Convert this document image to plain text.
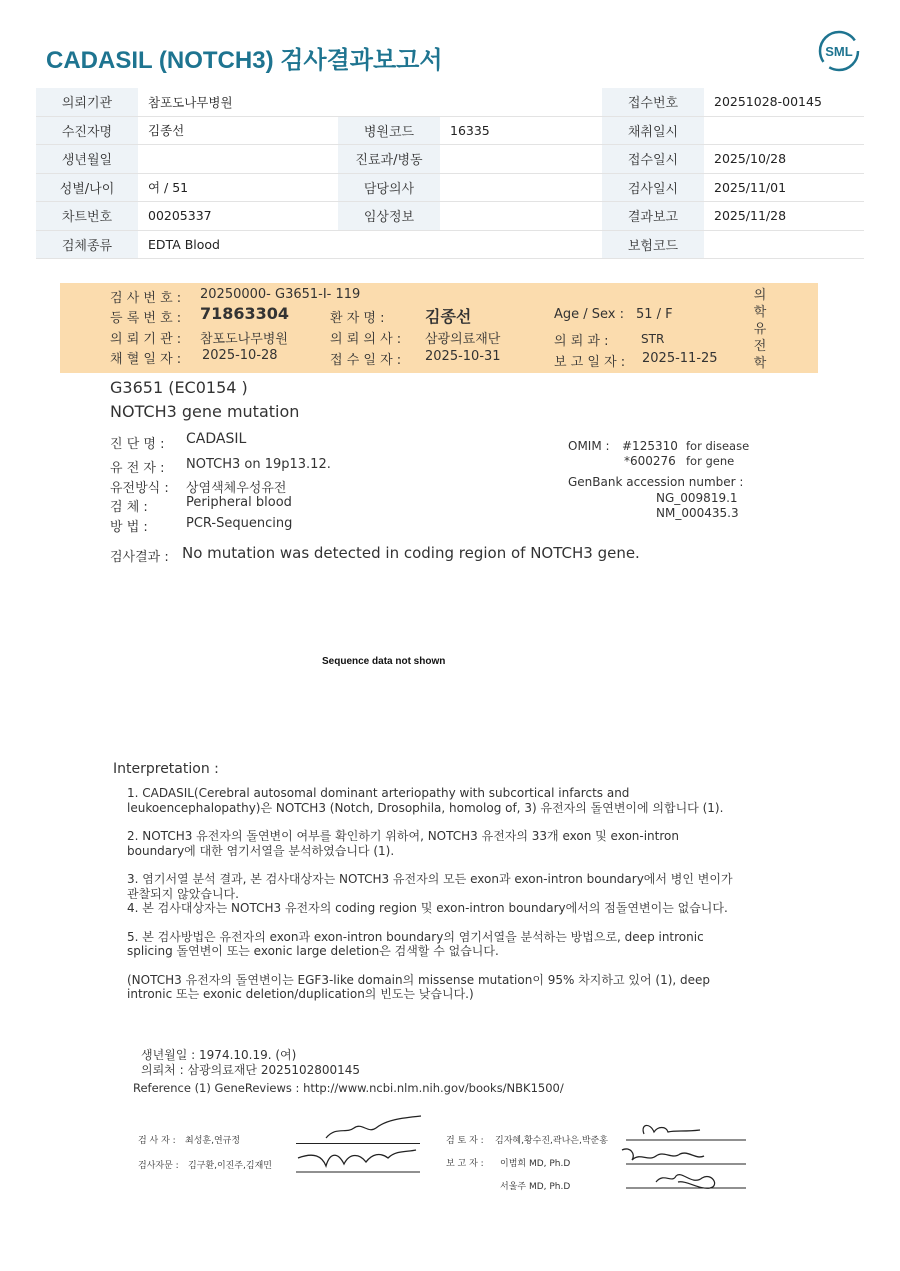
CADASIL (NOTCH3) 검사결과보고서	SML
의뢰기관	참포도나무병원			접수번호	20251028-00145
수진자명	김종선	병원코드	16335	채취일시	
생년월일		진료과/병동		접수일시	2025/10/28
성별/나이	여 / 51	담당의사		검사일시	2025/11/01
차트번호	00205337	임상정보		결과보고	2025/11/28
검체종류	EDTA Blood			보험코드	
검 사 번 호 : 20250000- G3651-I- 119
등 록 번 호 : 71863304	환 자 명 :	김종선	Age / Sex : 51 / F
의 뢰 기 관 : 참포도나무병원	의 뢰 의 사 : 삼광의료재단	의 뢰 과 :	STR
채 혈 일 자 : 2025-10-28	접 수 일 자 : 2025-10-31	보 고 일 자 : 2025-11-25
의
학
유
전
학
G3651 (EC0154 )
NOTCH3 gene mutation
진 단 명 : CADASIL
유 전 자 : NOTCH3 on 19p13.12.
유전방식 : 상염색체우성유전
검 체 :	Peripheral blood
방 법 :	PCR-Sequencing
OMIM : #125310 for disease
*600276 for gene
GenBank accession number :
NG_009819.1
NM_000435.3
검사결과 : No mutation was detected in coding region of NOTCH3 gene.
Sequence data not shown
Interpretation :

1. CADASIL(Cerebral autosomal dominant arteriopathy with subcortical infarcts and leukoencephalopathy)은 NOTCH3 (Notch, Drosophila, homolog of, 3) 유전자의 돌연변이에 의합니다 (1).

2. NOTCH3 유전자의 돌연변이 여부를 확인하기 위하여, NOTCH3 유전자의 33개 exon 및 exon-intron boundary에 대한 염기서열을 분석하였습니다 (1).

3. 염기서열 분석 결과, 본 검사대상자는 NOTCH3 유전자의 모든 exon과 exon-intron boundary에서 병인 변이가 관찰되지 않았습니다.

4. 본 검사대상자는 NOTCH3 유전자의 coding region 및 exon-intron boundary에서의 점돌연변이는 없습니다.

5. 본 검사방법은 유전자의 exon과 exon-intron boundary의 염기서열을 분석하는 방법으로, deep intronic splicing 돌연변이 또는 exonic large deletion은 검색할 수 없습니다.

(NOTCH3 유전자의 돌연변이는 EGF3-like domain의 missense mutation이 95% 차지하고 있어 (1), deep intronic 또는 exonic deletion/duplication의 빈도는 낮습니다.)

생년월일 : 1974.10.19. (여)
의뢰처 : 삼광의료재단 2025102800145
Reference (1) GeneReviews : http://www.ncbi.nlm.nih.gov/books/NBK1500/
검 사 자 : 최성훈,연규정
검사자문 : 김구환,이진주,김재민
검 토 자 : 김자혜,황수진,곽나은,박준홍
보 고 자 : 이범희 MD, Ph.D
서울주 MD, Ph.D
